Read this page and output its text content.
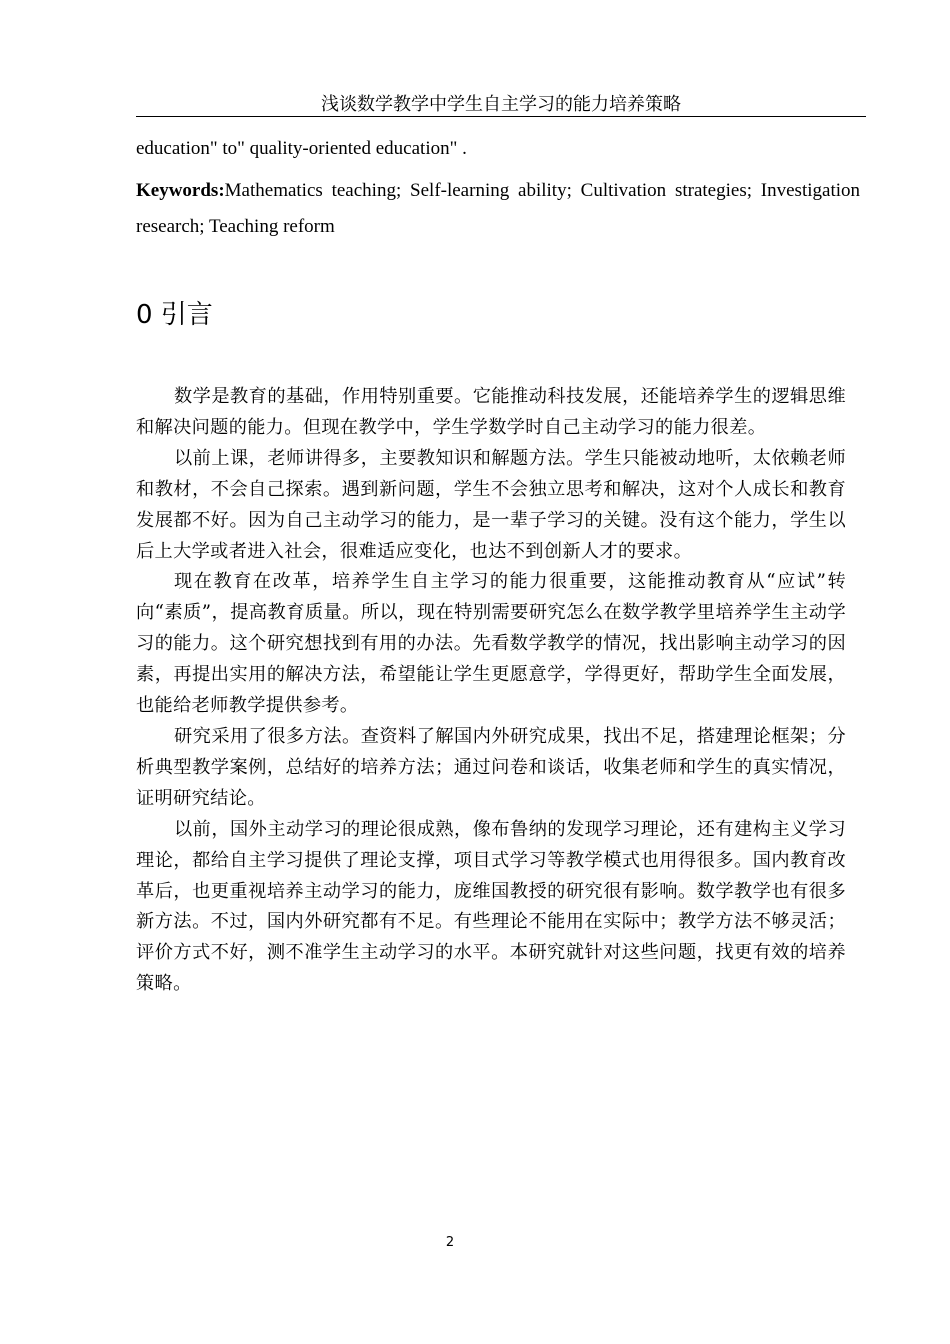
浅谈数学教学中学生自主学习的能力培养策略
education" to" quality-oriented education" .
Keywords:Mathematics teaching; Self-learning ability; Cultivation strategies; Investigation research; Teaching reform
0 引言

数学是教育的基础，作用特别重要。它能推动科技发展，还能培养学生的逻辑思维和解决问题的能力。但现在教学中，学生学数学时自己主动学习的能力很差。

以前上课，老师讲得多，主要教知识和解题方法。学生只能被动地听，太依赖老师和教材，不会自己探索。遇到新问题，学生不会独立思考和解决，这对个人成长和教育发展都不好。因为自己主动学习的能力，是一辈子学习的关键。没有这个能力，学生以后上大学或者进入社会，很难适应变化，也达不到创新人才的要求。

现在教育在改革，培养学生自主学习的能力很重要，这能推动教育从“应试”转向“素质”，提高教育质量。所以，现在特别需要研究怎么在数学教学里培养学生主动学习的能力。这个研究想找到有用的办法。先看数学教学的情况，找出影响主动学习的因素，再提出实用的解决方法，希望能让学生更愿意学，学得更好，帮助学生全面发展，也能给老师教学提供参考。

研究采用了很多方法。查资料了解国内外研究成果，找出不足，搭建理论框架；分析典型教学案例，总结好的培养方法；通过问卷和谈话，收集老师和学生的真实情况，证明研究结论。

以前，国外主动学习的理论很成熟，像布鲁纳的发现学习理论，还有建构主义学习理论，都给自主学习提供了理论支撑，项目式学习等教学模式也用得很多。国内教育改革后，也更重视培养主动学习的能力，庞维国教授的研究很有影响。数学教学也有很多新方法。不过，国内外研究都有不足。有些理论不能用在实际中；教学方法不够灵活；评价方式不好，测不准学生主动学习的水平。本研究就针对这些问题，找更有效的培养策略。

2
